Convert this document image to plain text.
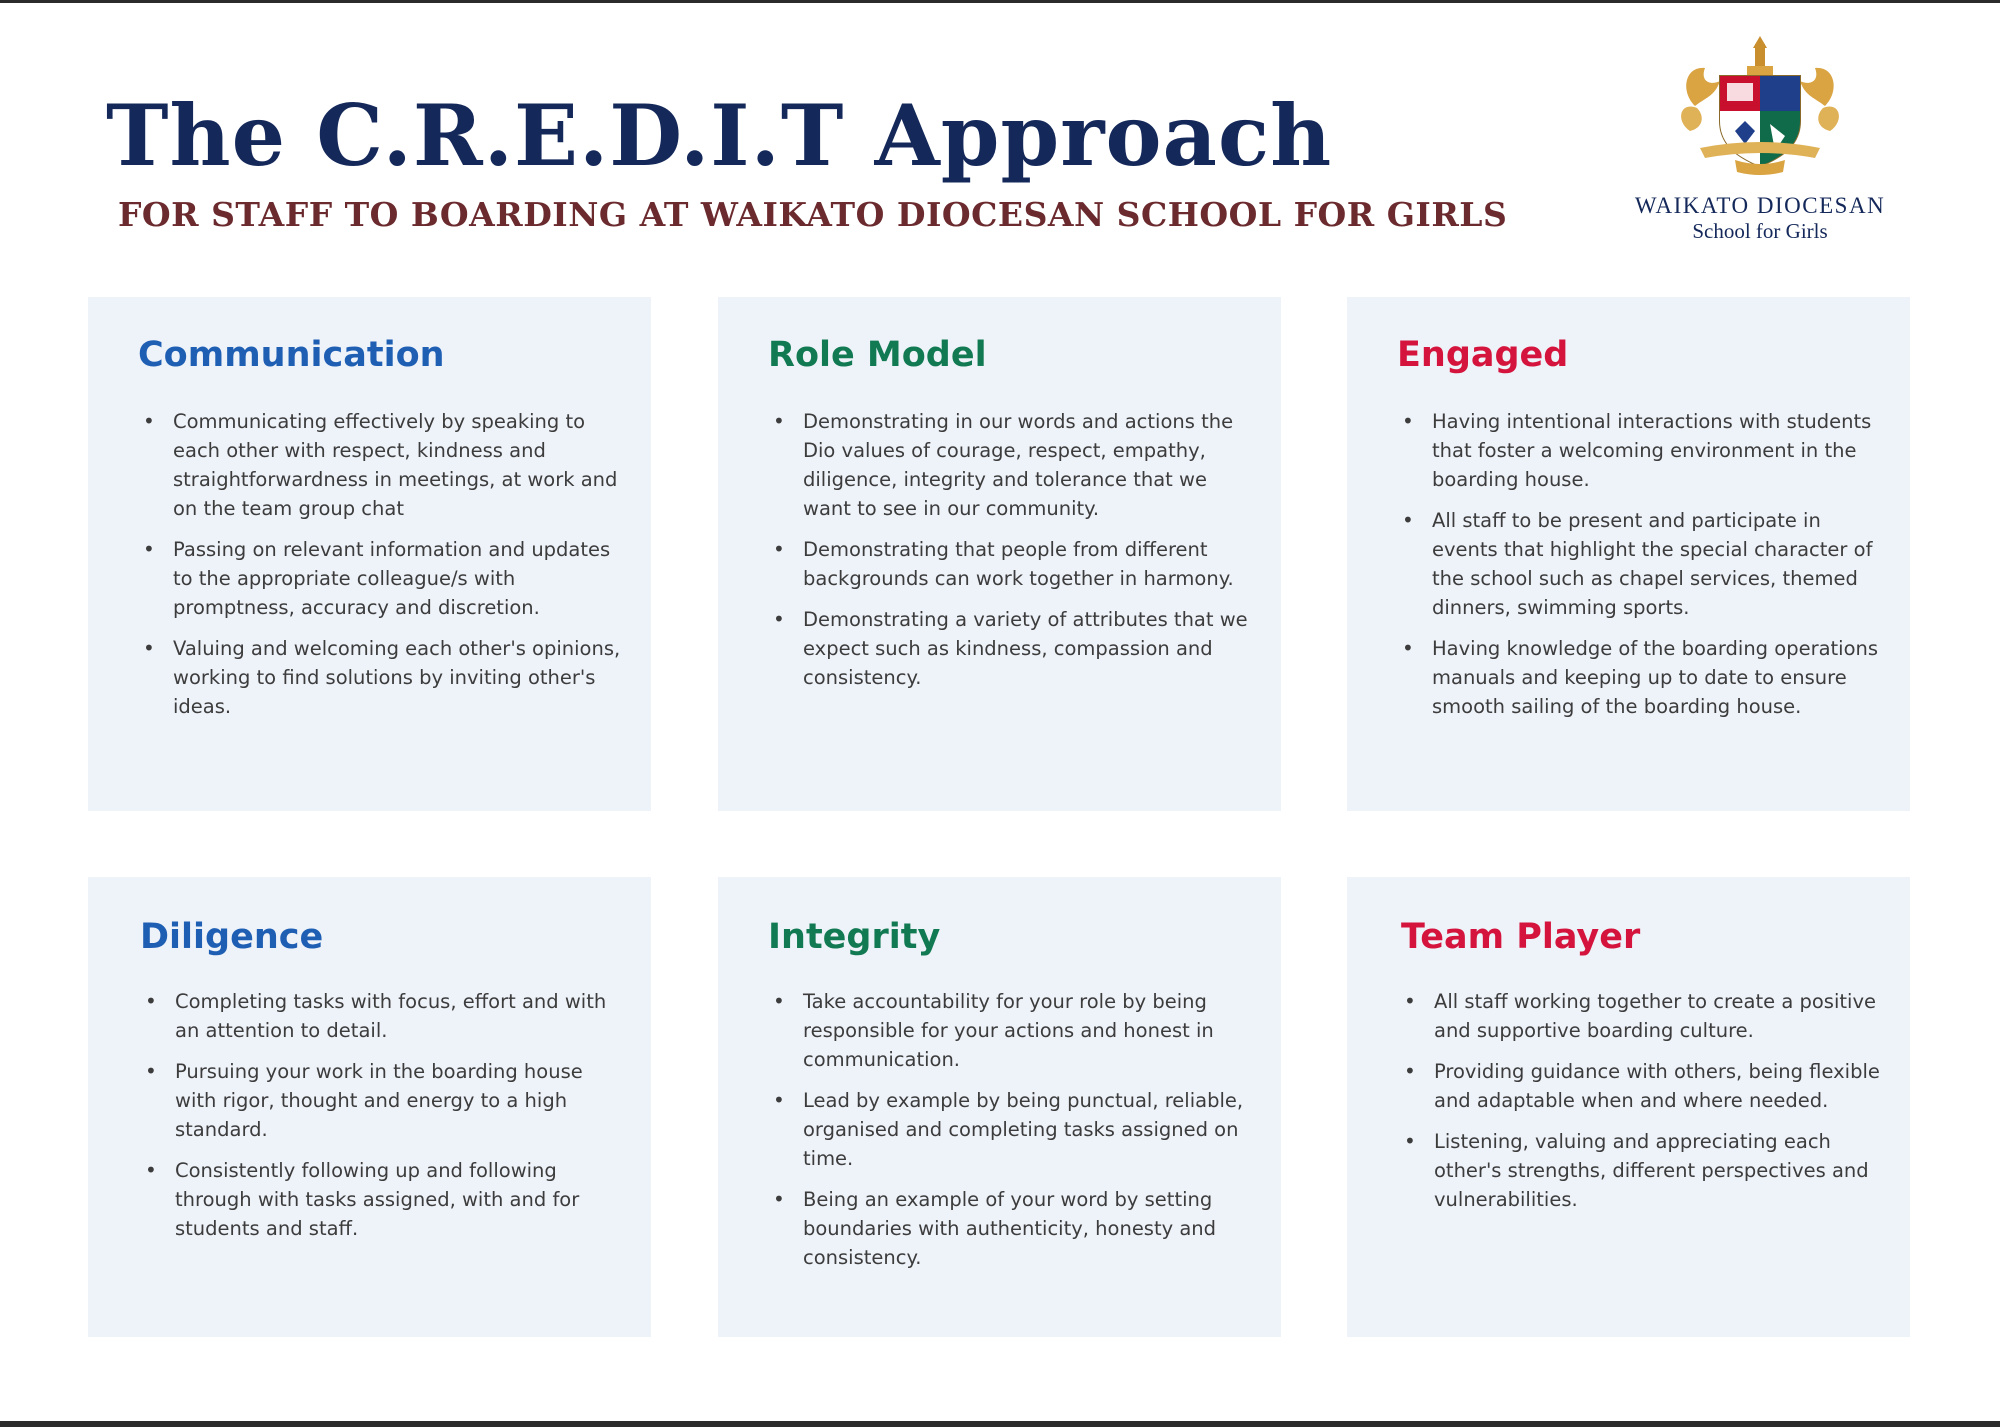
The C.R.E.D.I.T Approach
FOR STAFF TO BOARDING AT WAIKATO DIOCESAN SCHOOL FOR GIRLS	WAIKATO DIOCESAN
School for Girls
Communication
• Communicating effectively by speaking to each other with respect, kindness and straightforwardness in meetings, at work and on the team group chat
• Passing on relevant information and updates to the appropriate colleague/s with promptness, accuracy and discretion.
• Valuing and welcoming each other's opinions, working to find solutions by inviting other's ideas.
Role Model
• Demonstrating in our words and actions the Dio values of courage, respect, empathy, diligence, integrity and tolerance that we want to see in our community.
• Demonstrating that people from different backgrounds can work together in harmony.
• Demonstrating a variety of attributes that we expect such as kindness, compassion and consistency.
Engaged
• Having intentional interactions with students that foster a welcoming environment in the boarding house.
• All staff to be present and participate in events that highlight the special character of the school such as chapel services, themed dinners, swimming sports.
• Having knowledge of the boarding operations manuals and keeping up to date to ensure smooth sailing of the boarding house.
Diligence
• Completing tasks with focus, effort and with an attention to detail.
• Pursuing your work in the boarding house with rigor, thought and energy to a high standard.
• Consistently following up and following through with tasks assigned, with and for students and staff.
Integrity
• Take accountability for your role by being responsible for your actions and honest in communication.
• Lead by example by being punctual, reliable, organised and completing tasks assigned on time.
• Being an example of your word by setting boundaries with authenticity, honesty and consistency.
Team Player
• All staff working together to create a positive and supportive boarding culture.
• Providing guidance with others, being flexible and adaptable when and where needed.
• Listening, valuing and appreciating each other's strengths, different perspectives and vulnerabilities.
